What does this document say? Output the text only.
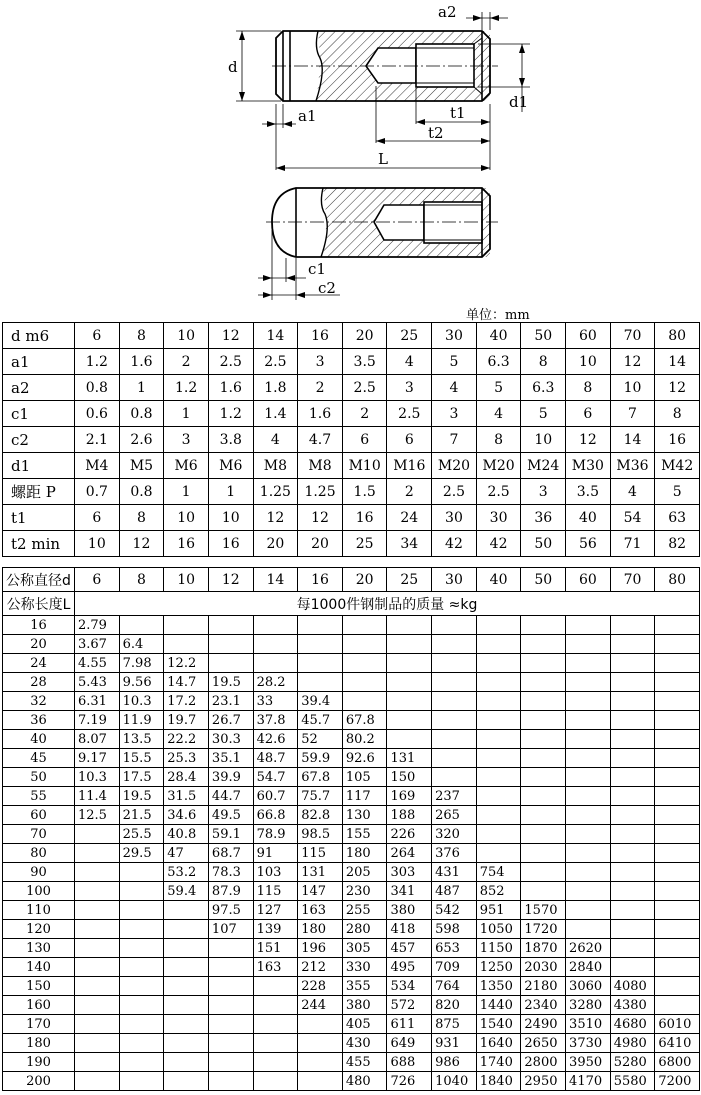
a2
d
d1
a1	t1
t2
L
c1
c2
单位：mm
d m6	6	8	10	12	14	16	20	25	30	40	50	60	70	80
a1	1.2	1.6	2	2.5	2.5	3	3.5	4	5	6.3	8	10	12	14
a2	0.8	1	1.2	1.6	1.8	2	2.5	3	4	5	6.3	8	10	12
c1	0.6	0.8	1	1.2	1.4	1.6	2	2.5	3	4	5	6	7	8
c2	2.1	2.6	3	3.8	4	4.7	6	6	7	8	10	12	14	16
d1	M4	M5	M6	M6	M8	M8	M10	M16	M20	M20	M24	M30	M36	M42
螺距 P	0.7	0.8	1	1	1.25	1.25	1.5	2	2.5	2.5	3	3.5	4	5
t1	6	8	10	10	12	12	16	24	30	30	36	40	54	63
t2 min	10	12	16	16	20	20	25	34	42	42	50	56	71	82
公称直径d	6	8	10	12	14	16	20	25	30	40	50	60	70	80
公称长度L	每1000件钢制品的质量 ≈kg													
16	2.79													
20	3.67	6.4												
24	4.55	7.98	12.2											
28	5.43	9.56	14.7	19.5	28.2									
32	6.31	10.3	17.2	23.1	33	39.4								
36	7.19	11.9	19.7	26.7	37.8	45.7	67.8							
40	8.07	13.5	22.2	30.3	42.6	52	80.2							
45	9.17	15.5	25.3	35.1	48.7	59.9	92.6	131						
50	10.3	17.5	28.4	39.9	54.7	67.8	105	150						
55	11.4	19.5	31.5	44.7	60.7	75.7	117	169	237					
60	12.5	21.5	34.6	49.5	66.8	82.8	130	188	265					
70		25.5	40.8	59.1	78.9	98.5	155	226	320					
80		29.5	47	68.7	91	115	180	264	376					
90			53.2	78.3	103	131	205	303	431	754				
100			59.4	87.9	115	147	230	341	487	852				
110				97.5	127	163	255	380	542	951	1570			
120				107	139	180	280	418	598	1050	1720			
130					151	196	305	457	653	1150	1870	2620		
140					163	212	330	495	709	1250	2030	2840		
150						228	355	534	764	1350	2180	3060	4080	
160						244	380	572	820	1440	2340	3280	4380	
170							405	611	875	1540	2490	3510	4680	6010
180							430	649	931	1640	2650	3730	4980	6410
190							455	688	986	1740	2800	3950	5280	6800
200							480	726	1040	1840	2950	4170	5580	7200
